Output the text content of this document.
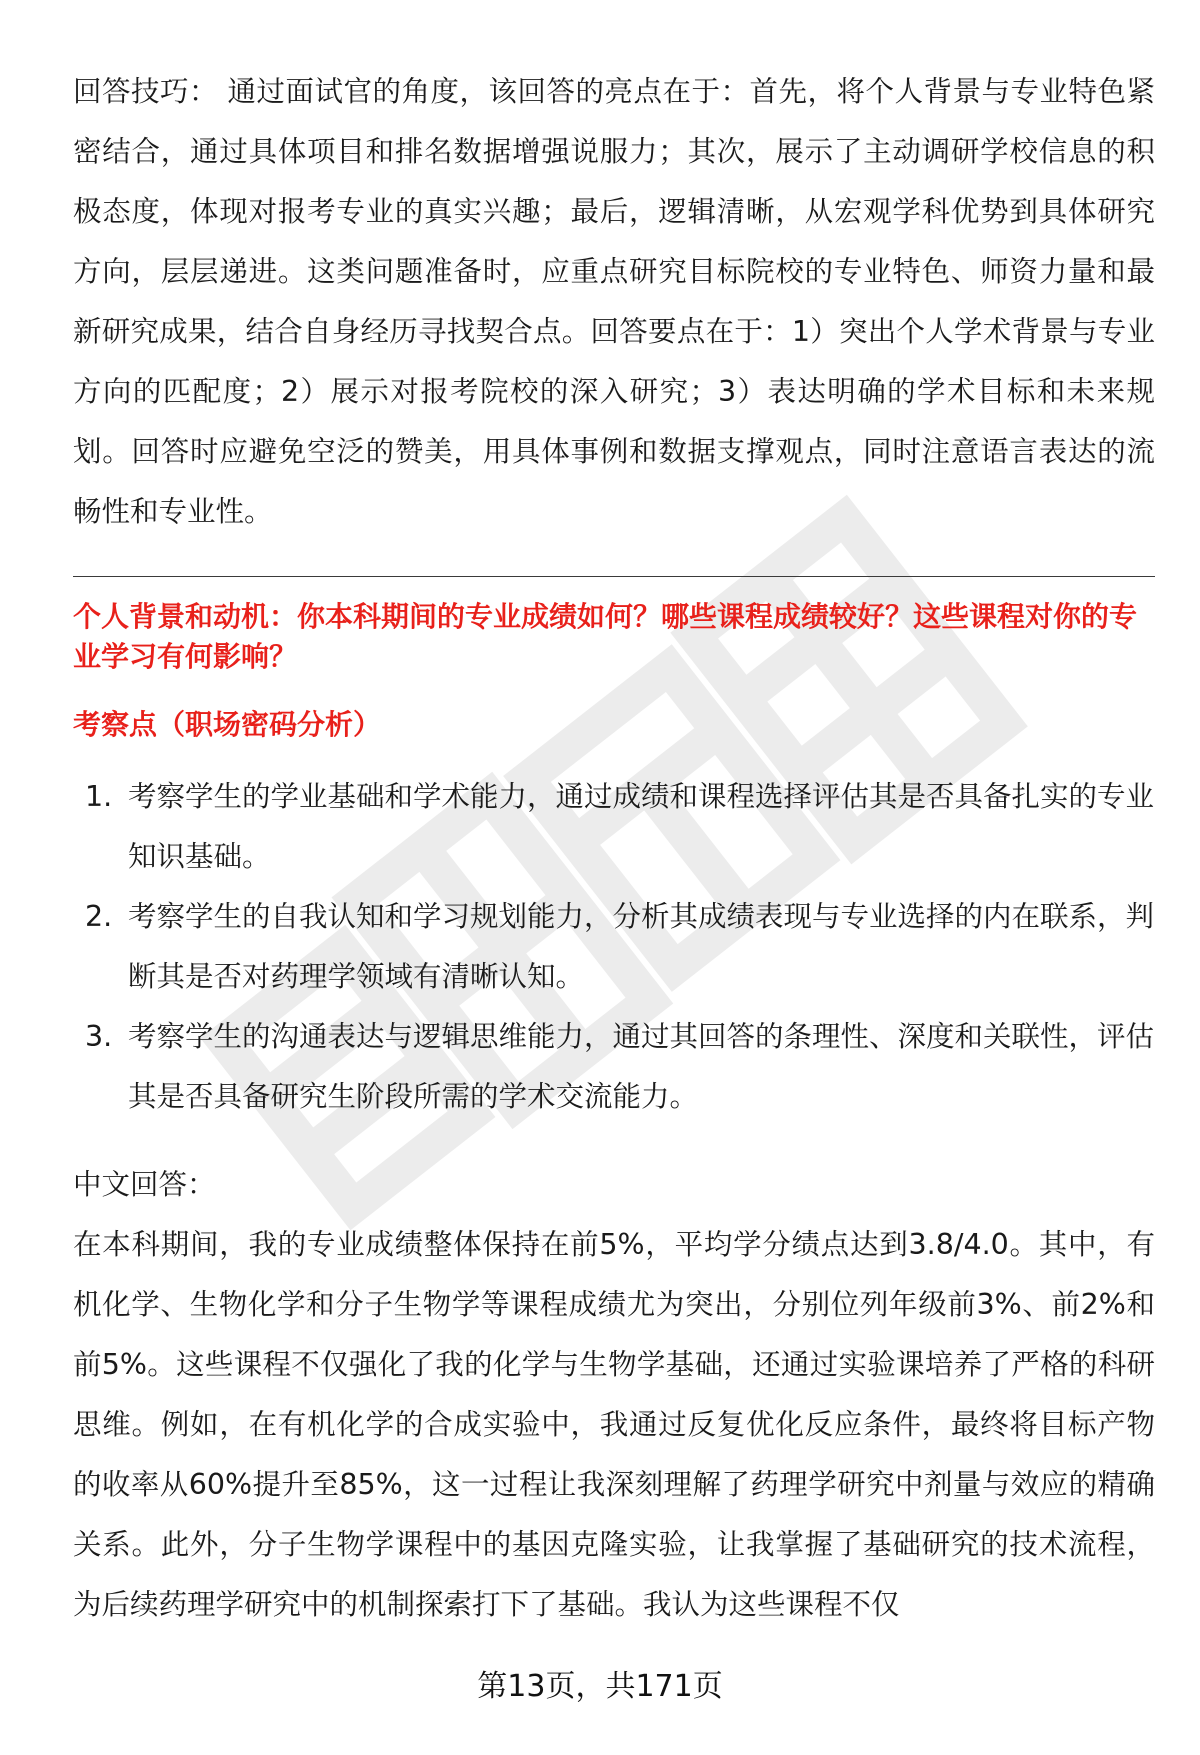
回答技巧： 通过面试官的角度，该回答的亮点在于：首先，将个人背景与专业特色紧密结合，通过具体项目和排名数据增强说服力；其次，展示了主动调研学校信息的积极态度，体现对报考专业的真实兴趣；最后，逻辑清晰，从宏观学科优势到具体研究方向，层层递进。这类问题准备时，应重点研究目标院校的专业特色、师资力量和最新研究成果，结合自身经历寻找契合点。回答要点在于：1）突出个人学术背景与专业方向的匹配度；2）展示对报考院校的深入研究；3）表达明确的学术目标和未来规划。回答时应避免空泛的赞美，用具体事例和数据支撑观点，同时注意语言表达的流畅性和专业性。

个人背景和动机：你本科期间的专业成绩如何？哪些课程成绩较好？这些课程对你的专业学习有何影响？

考察点（职场密码分析）

1. 考察学生的学业基础和学术能力，通过成绩和课程选择评估其是否具备扎实的专业知识基础。
2. 考察学生的自我认知和学习规划能力，分析其成绩表现与专业选择的内在联系，判断其是否对药理学领域有清晰认知。
3. 考察学生的沟通表达与逻辑思维能力，通过其回答的条理性、深度和关联性，评估其是否具备研究生阶段所需的学术交流能力。

中文回答：

在本科期间，我的专业成绩整体保持在前5%，平均学分绩点达到3.8/4.0。其中，有机化学、生物化学和分子生物学等课程成绩尤为突出，分别位列年级前3%、前2%和前5%。这些课程不仅强化了我的化学与生物学基础，还通过实验课培养了严格的科研思维。例如，在有机化学的合成实验中，我通过反复优化反应条件，最终将目标产物的收率从60%提升至85%，这一过程让我深刻理解了药理学研究中剂量与效应的精确关系。此外，分子生物学课程中的基因克隆实验，让我掌握了基础研究的技术流程，为后续药理学研究中的机制探索打下了基础。我认为这些课程不仅

第13页，共171页
